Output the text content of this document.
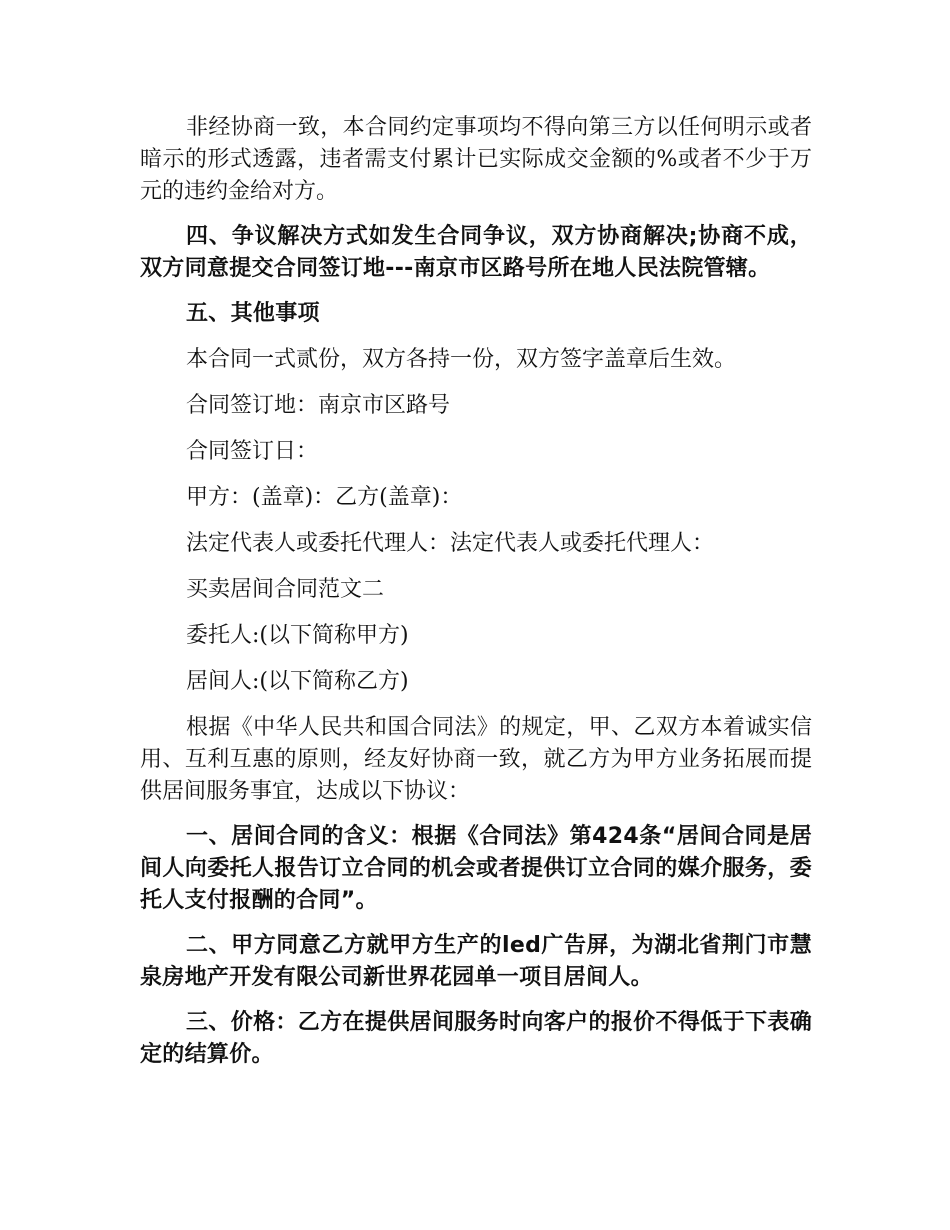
非经协商一致，本合同约定事项均不得向第三方以任何明示或者暗示的形式透露，违者需支付累计已实际成交金额的%或者不少于万元的违约金给对方。

四、争议解决方式如发生合同争议，双方协商解决;协商不成，双方同意提交合同签订地---南京市区路号所在地人民法院管辖。

五、其他事项

本合同一式贰份，双方各持一份，双方签字盖章后生效。

合同签订地：南京市区路号

合同签订日：

甲方：(盖章)：乙方(盖章)：

法定代表人或委托代理人：法定代表人或委托代理人：

买卖居间合同范文二

委托人:(以下简称甲方)

居间人:(以下简称乙方)

根据《中华人民共和国合同法》的规定，甲、乙双方本着诚实信用、互利互惠的原则，经友好协商一致，就乙方为甲方业务拓展而提供居间服务事宜，达成以下协议：

一、居间合同的含义：根据《合同法》第424条“居间合同是居间人向委托人报告订立合同的机会或者提供订立合同的媒介服务，委托人支付报酬的合同”。

二、甲方同意乙方就甲方生产的led广告屏，为湖北省荆门市慧泉房地产开发有限公司新世界花园单一项目居间人。

三、价格：乙方在提供居间服务时向客户的报价不得低于下表确定的结算价。
